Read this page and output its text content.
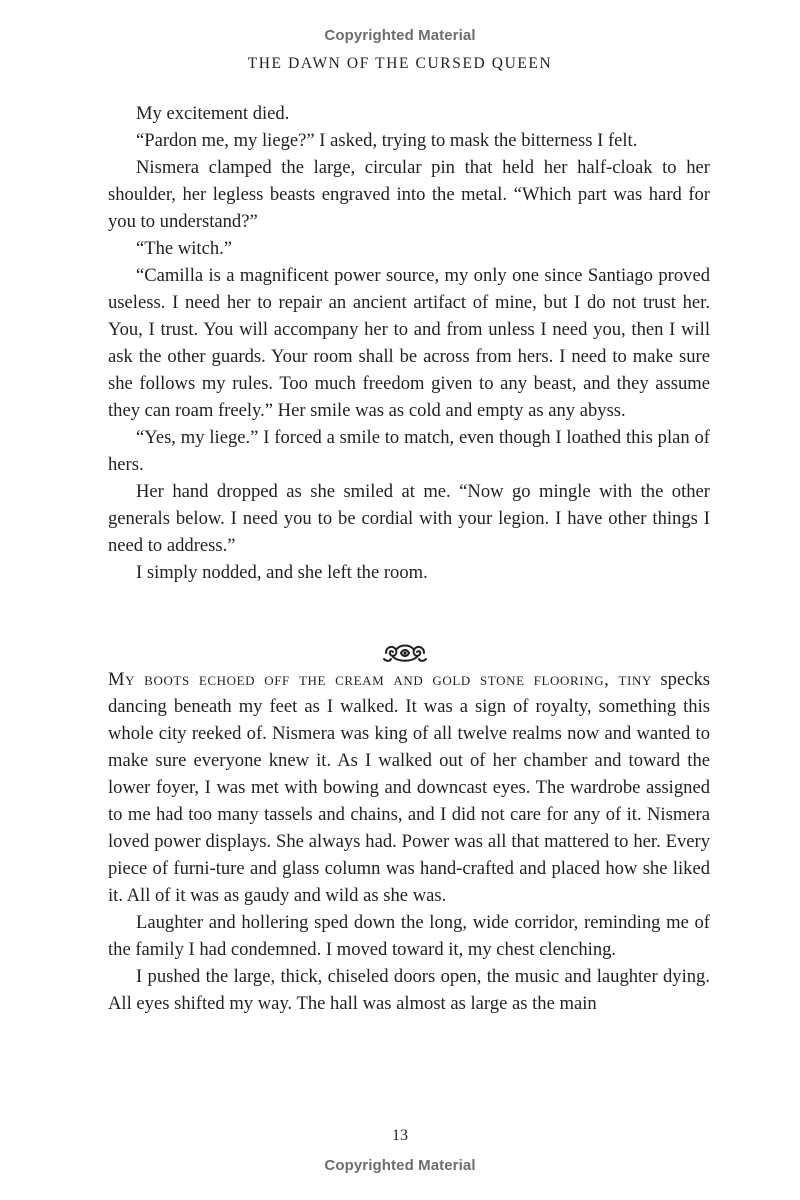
Copyrighted Material
THE DAWN OF THE CURSED QUEEN

My excitement died.

“Pardon me, my liege?” I asked, trying to mask the bitterness I felt.

Nismera clamped the large, circular pin that held her half-cloak to her shoulder, her legless beasts engraved into the metal. “Which part was hard for you to understand?”

“The witch.”

“Camilla is a magnificent power source, my only one since Santiago proved useless. I need her to repair an ancient artifact of mine, but I do not trust her. You, I trust. You will accompany her to and from unless I need you, then I will ask the other guards. Your room shall be across from hers. I need to make sure she follows my rules. Too much freedom given to any beast, and they assume they can roam freely.” Her smile was as cold and empty as any abyss.

“Yes, my liege.” I forced a smile to match, even though I loathed this plan of hers.

Her hand dropped as she smiled at me. “Now go mingle with the other generals below. I need you to be cordial with your legion. I have other things I need to address.”

I simply nodded, and she left the room.

My boots echoed off the cream and gold stone flooring, tiny specks dancing beneath my feet as I walked. It was a sign of royalty, something this whole city reeked of. Nismera was king of all twelve realms now and wanted to make sure everyone knew it. As I walked out of her chamber and toward the lower foyer, I was met with bowing and downcast eyes. The wardrobe assigned to me had too many tassels and chains, and I did not care for any of it. Nismera loved power displays. She always had. Power was all that mattered to her. Every piece of furni-ture and glass column was hand-crafted and placed how she liked it. All of it was as gaudy and wild as she was.

Laughter and hollering sped down the long, wide corridor, reminding me of the family I had condemned. I moved toward it, my chest clenching.

I pushed the large, thick, chiseled doors open, the music and laughter dying. All eyes shifted my way. The hall was almost as large as the main

13
Copyrighted Material
